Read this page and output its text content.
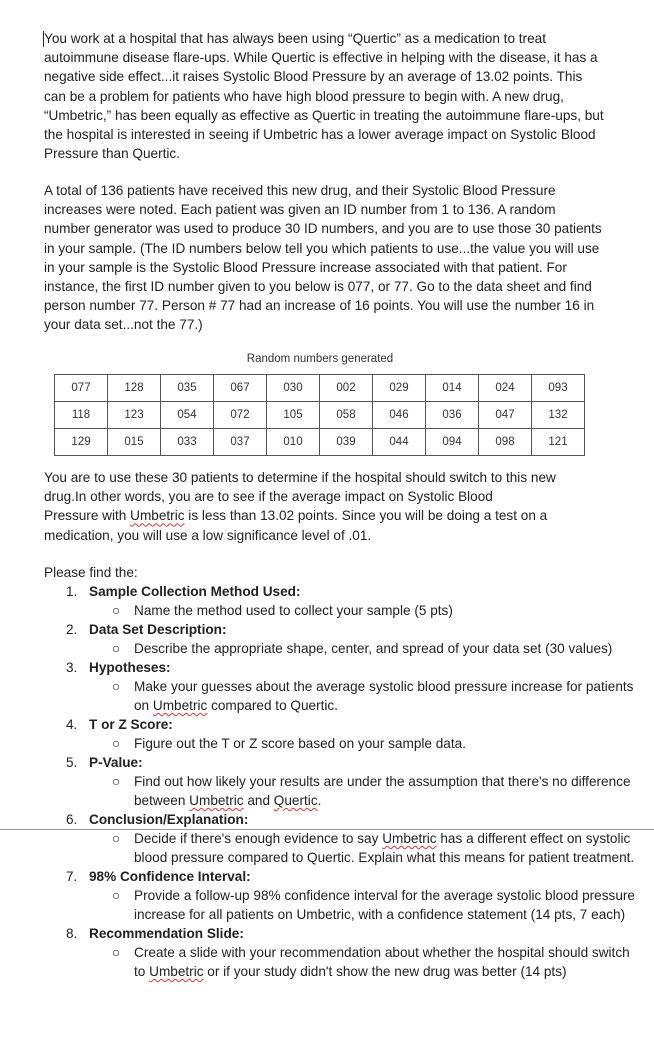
You work at a hospital that has always been using “Quertic” as a medication to treat autoimmune disease flare-ups. While Quertic is effective in helping with the disease, it has a negative side effect...it raises Systolic Blood Pressure by an average of 13.02 points. This can be a problem for patients who have high blood pressure to begin with. A new drug, “Umbetric,” has been equally as effective as Quertic in treating the autoimmune flare-ups, but the hospital is interested in seeing if Umbetric has a lower average impact on Systolic Blood Pressure than Quertic.

A total of 136 patients have received this new drug, and their Systolic Blood Pressure increases were noted. Each patient was given an ID number from 1 to 136. A random number generator was used to produce 30 ID numbers, and you are to use those 30 patients in your sample. (The ID numbers below tell you which patients to use...the value you will use in your sample is the Systolic Blood Pressure increase associated with that patient. For instance, the first ID number given to you below is 077, or 77. Go to the data sheet and find person number 77. Person # 77 had an increase of 16 points. You will use the number 16 in your data set...not the 77.)

Random numbers generated
077	128	035	067	030	002	029	014	024	093
118	123	054	072	105	058	046	036	047	132
129	015	033	037	010	039	044	094	098	121

You are to use these 30 patients to determine if the hospital should switch to this new
drug.In other words, you are to see if the average impact on Systolic Blood
Pressure with Umbetric is less than 13.02 points. Since you will be doing a test on a
medication, you will use a low significance level of .01.

Please find the:

1. Sample Collection Method Used:
○ Name the method used to collect your sample (5 pts)
2. Data Set Description:
○ Describe the appropriate shape, center, and spread of your data set (30 values)
3. Hypotheses:
○ Make your guesses about the average systolic blood pressure increase for patients on Umbetric compared to Quertic.
4. T or Z Score:
○ Figure out the T or Z score based on your sample data.
5. P-Value:
○ Find out how likely your results are under the assumption that there's no difference between Umbetric and Quertic.
6. Conclusion/Explanation:
○ Decide if there's enough evidence to say Umbetric has a different effect on systolic blood pressure compared to Quertic. Explain what this means for patient treatment.
7. 98% Confidence Interval:
○ Provide a follow-up 98% confidence interval for the average systolic blood pressure increase for all patients on Umbetric, with a confidence statement (14 pts, 7 each)
8. Recommendation Slide:
○ Create a slide with your recommendation about whether the hospital should switch to Umbetric or if your study didn't show the new drug was better (14 pts)
